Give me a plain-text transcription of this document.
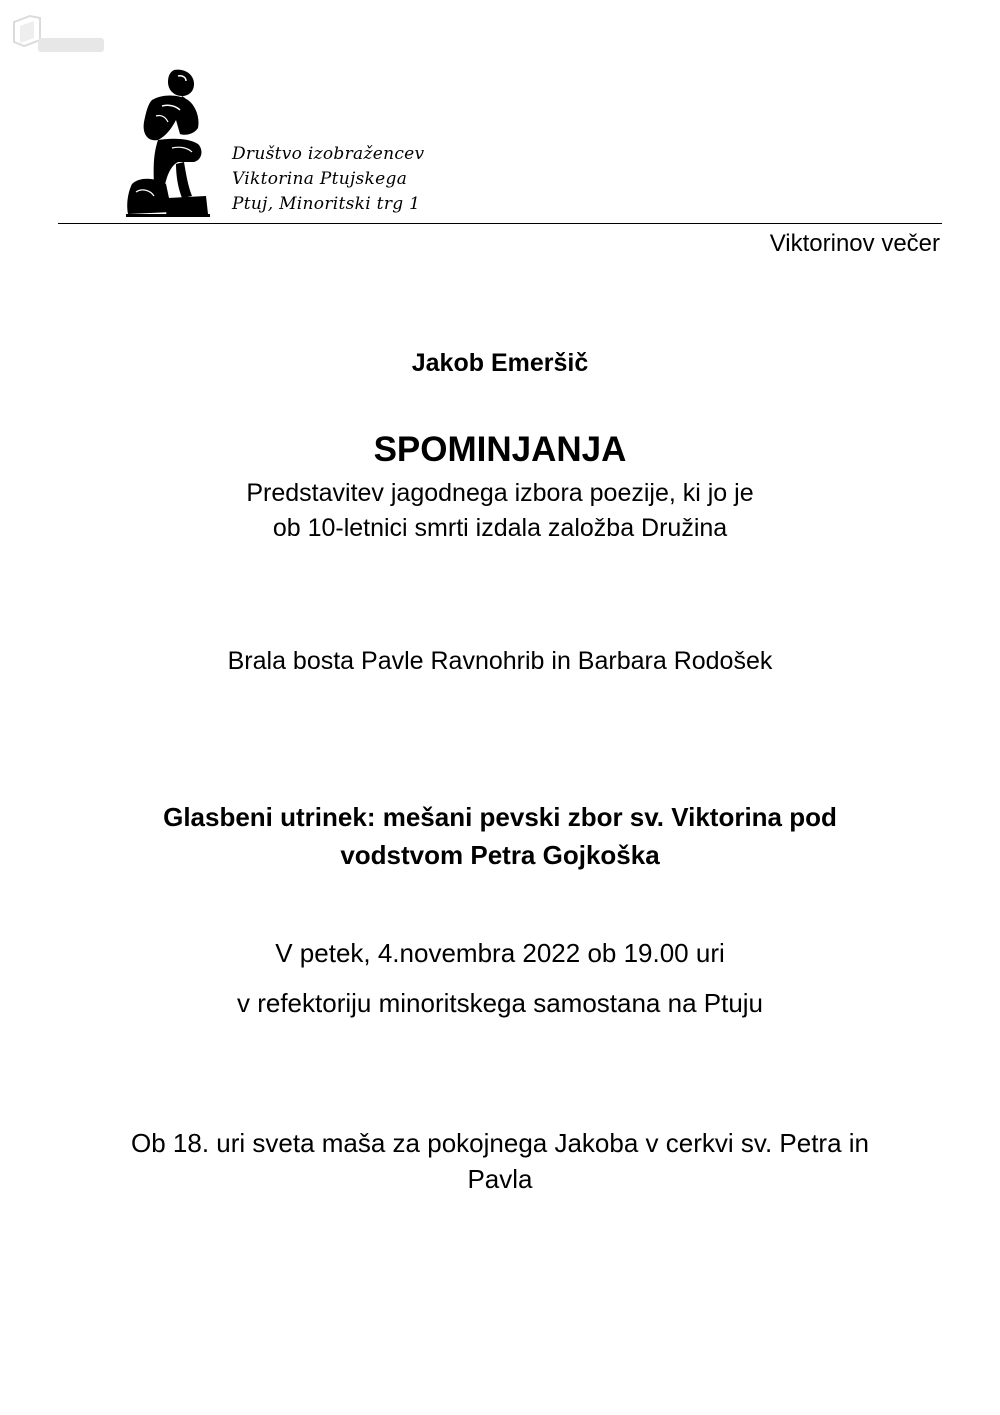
Društvo izobražencev
Viktorina Ptujskega
Ptuj, Minoritski trg 1
Viktorinov večer
Jakob Emeršič
SPOMINJANJA
Predstavitev jagodnega izbora poezije, ki jo je
ob 10-letnici smrti izdala založba Družina
Brala bosta Pavle Ravnohrib in Barbara Rodošek
Glasbeni utrinek: mešani pevski zbor sv. Viktorina pod
vodstvom Petra Gojkoška
V petek, 4.novembra 2022 ob 19.00 uri
v refektoriju minoritskega samostana na Ptuju
Ob 18. uri sveta maša za pokojnega Jakoba v cerkvi sv. Petra in
Pavla
